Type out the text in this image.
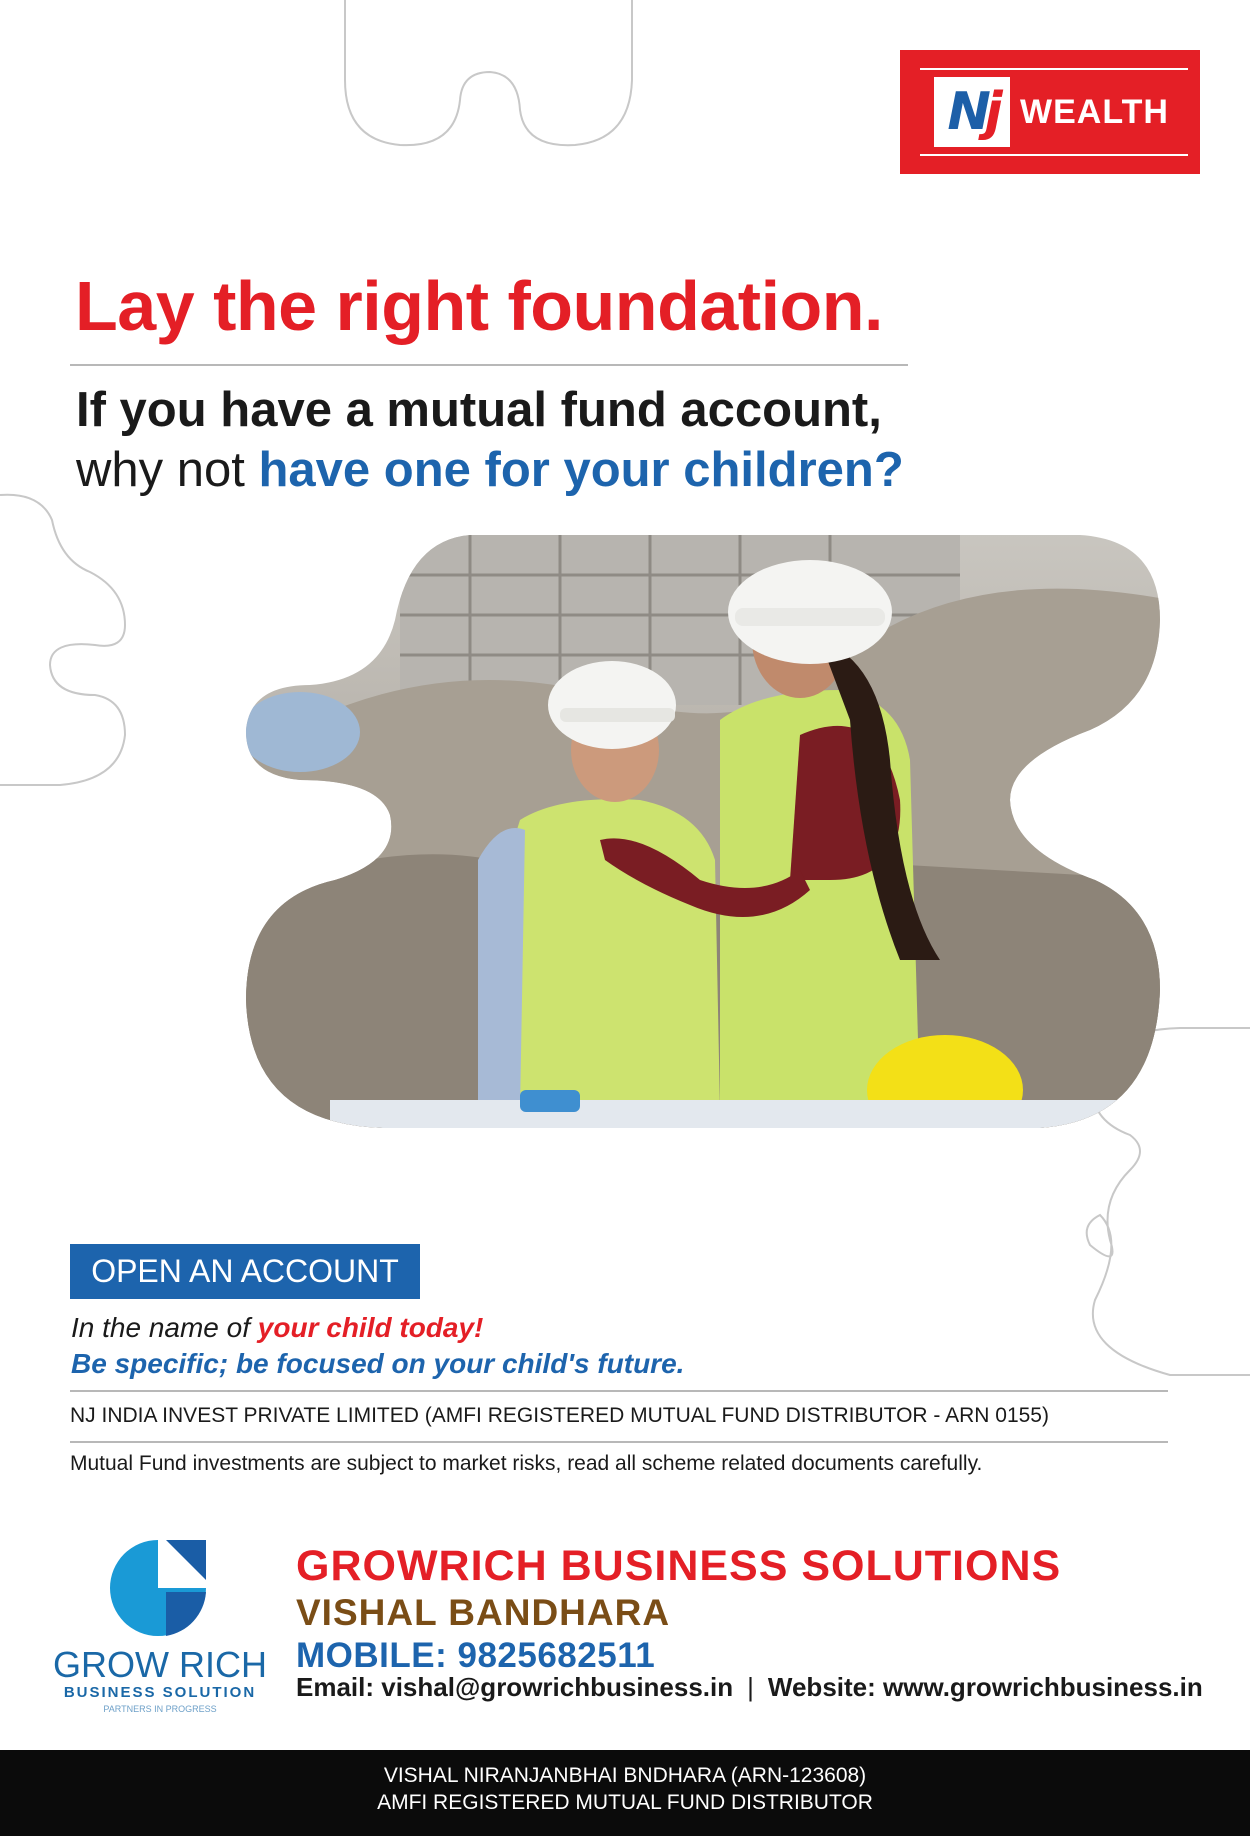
N j WEALTH
Lay the right foundation.
If you have a mutual fund account,
why not have one for your children?
OPEN AN ACCOUNT
In the name of your child today!
Be specific; be focused on your child's future.
NJ INDIA INVEST PRIVATE LIMITED (AMFI REGISTERED MUTUAL FUND DISTRIBUTOR - ARN 0155)
Mutual Fund investments are subject to market risks, read all scheme related documents carefully.
GROW RICH
BUSINESS SOLUTION
PARTNERS IN PROGRESS
GROWRICH BUSINESS SOLUTIONS
VISHAL BANDHARA
MOBILE: 9825682511
Email: vishal@growrichbusiness.in | Website: www.growrichbusiness.in
VISHAL NIRANJANBHAI BNDHARA (ARN-123608)
AMFI REGISTERED MUTUAL FUND DISTRIBUTOR
